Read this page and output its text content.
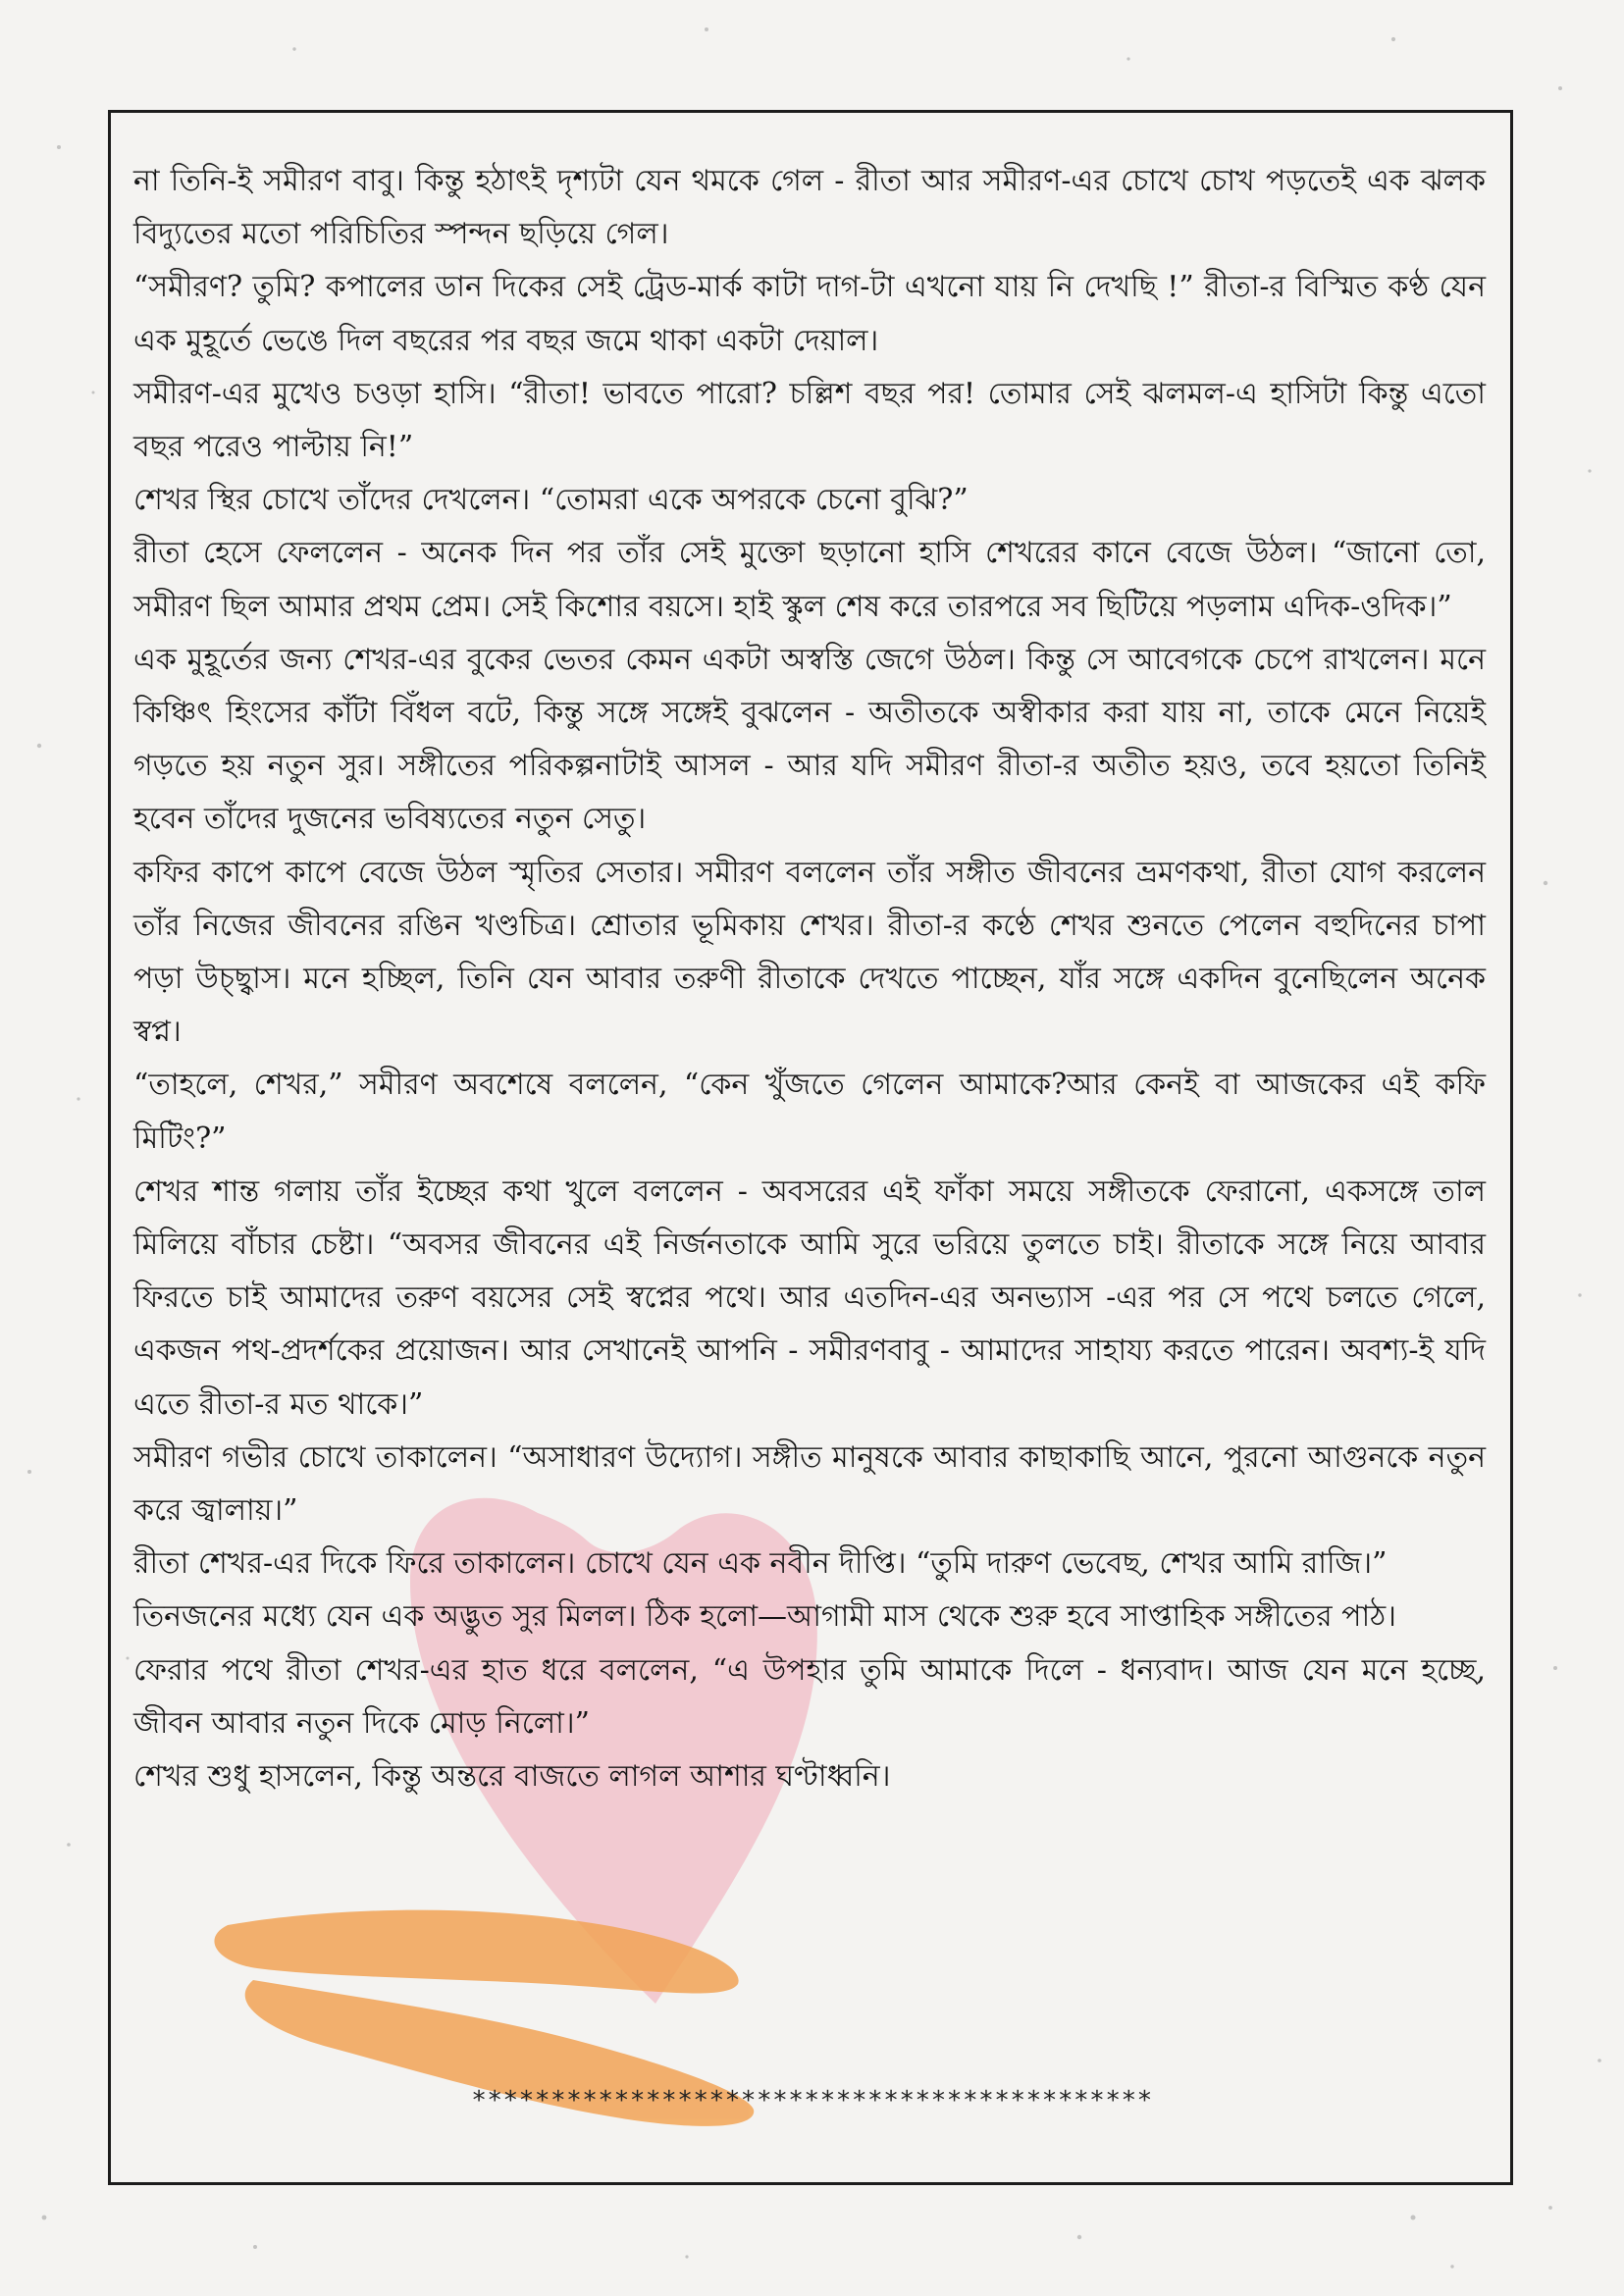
না তিনি-ই সমীরণ বাবু। কিন্তু হঠাৎই দৃশ্যটা যেন থমকে গেল - রীতা আর সমীরণ-এর চোখে চোখ পড়তেই এক ঝলক বিদ্যুতের মতো পরিচিতির স্পন্দন ছড়িয়ে গেল।

“সমীরণ? তুমি? কপালের ডান দিকের সেই ট্রেড-মার্ক কাটা দাগ-টা এখনো যায় নি দেখছি !” রীতা-র বিস্মিত কণ্ঠ যেন এক মুহূর্তে ভেঙে দিল বছরের পর বছর জমে থাকা একটা দেয়াল।

সমীরণ-এর মুখেও চওড়া হাসি। “রীতা! ভাবতে পারো? চল্লিশ বছর পর! তোমার সেই ঝলমল-এ হাসিটা কিন্তু এতো বছর পরেও পাল্টায় নি!”

শেখর স্থির চোখে তাঁদের দেখলেন। “তোমরা একে অপরকে চেনো বুঝি?”

রীতা হেসে ফেললেন - অনেক দিন পর তাঁর সেই মুক্তো ছড়ানো হাসি শেখরের কানে বেজে উঠল। “জানো তো, সমীরণ ছিল আমার প্রথম প্রেম। সেই কিশোর বয়সে। হাই স্কুল শেষ করে তারপরে সব ছিটিয়ে পড়লাম এদিক-ওদিক।”

এক মুহূর্তের জন্য শেখর-এর বুকের ভেতর কেমন একটা অস্বস্তি জেগে উঠল। কিন্তু সে আবেগকে চেপে রাখলেন। মনে কিঞ্চিৎ হিংসের কাঁটা বিঁধল বটে, কিন্তু সঙ্গে সঙ্গেই বুঝলেন - অতীতকে অস্বীকার করা যায় না, তাকে মেনে নিয়েই গড়তে হয় নতুন সুর। সঙ্গীতের পরিকল্পনাটাই আসল - আর যদি সমীরণ রীতা-র অতীত হয়ও, তবে হয়তো তিনিই হবেন তাঁদের দুজনের ভবিষ্যতের নতুন সেতু।

কফির কাপে কাপে বেজে উঠল স্মৃতির সেতার। সমীরণ বললেন তাঁর সঙ্গীত জীবনের ভ্রমণকথা, রীতা যোগ করলেন তাঁর নিজের জীবনের রঙিন খণ্ডচিত্র। শ্রোতার ভূমিকায় শেখর। রীতা-র কণ্ঠে শেখর শুনতে পেলেন বহুদিনের চাপা পড়া উচ্ছ্বাস। মনে হচ্ছিল, তিনি যেন আবার তরুণী রীতাকে দেখতে পাচ্ছেন, যাঁর সঙ্গে একদিন বুনেছিলেন অনেক স্বপ্ন।

“তাহলে, শেখর,” সমীরণ অবশেষে বললেন, “কেন খুঁজতে গেলেন আমাকে?আর কেনই বা আজকের এই কফি মিটিং?”

শেখর শান্ত গলায় তাঁর ইচ্ছের কথা খুলে বললেন - অবসরের এই ফাঁকা সময়ে সঙ্গীতকে ফেরানো, একসঙ্গে তাল মিলিয়ে বাঁচার চেষ্টা। “অবসর জীবনের এই নির্জনতাকে আমি সুরে ভরিয়ে তুলতে চাই। রীতাকে সঙ্গে নিয়ে আবার ফিরতে চাই আমাদের তরুণ বয়সের সেই স্বপ্নের পথে। আর এতদিন-এর অনভ্যাস -এর পর সে পথে চলতে গেলে, একজন পথ-প্রদর্শকের প্রয়োজন। আর সেখানেই আপনি - সমীরণবাবু - আমাদের সাহায্য করতে পারেন। অবশ্য-ই যদি এতে রীতা-র মত থাকে।”

সমীরণ গভীর চোখে তাকালেন। “অসাধারণ উদ্যোগ। সঙ্গীত মানুষকে আবার কাছাকাছি আনে, পুরনো আগুনকে নতুন করে জ্বালায়।”

রীতা শেখর-এর দিকে ফিরে তাকালেন। চোখে যেন এক নবীন দীপ্তি। “তুমি দারুণ ভেবেছ, শেখর আমি রাজি।”

তিনজনের মধ্যে যেন এক অদ্ভুত সুর মিলল। ঠিক হলো—আগামী মাস থেকে শুরু হবে সাপ্তাহিক সঙ্গীতের পাঠ।

ফেরার পথে রীতা শেখর-এর হাত ধরে বললেন, “এ উপহার তুমি আমাকে দিলে - ধন্যবাদ। আজ যেন মনে হচ্ছে, জীবন আবার নতুন দিকে মোড় নিলো।”

শেখর শুধু হাসলেন, কিন্তু অন্তরে বাজতে লাগল আশার ঘণ্টাধ্বনি।

*******************************************
